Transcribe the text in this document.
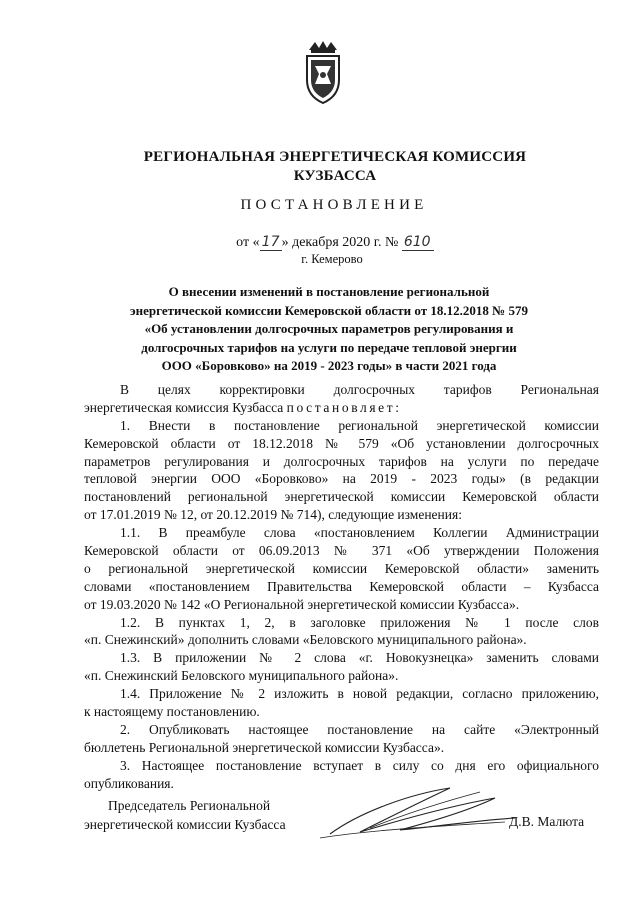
РЕГИОНАЛЬНАЯ ЭНЕРГЕТИЧЕСКАЯ КОМИССИЯ
КУЗБАССА
ПОСТАНОВЛЕНИЕ
от « 17 » декабря 2020 г. № 610
г. Кемерово
О внесении изменений в постановление региональной
энергетической комиссии Кемеровской области от 18.12.2018 № 579
«Об установлении долгосрочных параметров регулирования и
долгосрочных тарифов на услуги по передаче тепловой энергии
ООО «Боровково» на 2019 - 2023 годы» в части 2021 года
В целях корректировки долгосрочных тарифов Региональная
энергетическая комиссия Кузбасса постановляет:
1. Внести в постановление региональной энергетической комиссии
Кемеровской области от 18.12.2018 № 579 «Об установлении долгосрочных
параметров регулирования и долгосрочных тарифов на услуги по передаче
тепловой энергии ООО «Боровково» на 2019 - 2023 годы» (в редакции
постановлений региональной энергетической комиссии Кемеровской области
от 17.01.2019 № 12, от 20.12.2019 № 714), следующие изменения:
1.1. В преамбуле слова «постановлением Коллегии Администрации
Кемеровской области от 06.09.2013 № 371 «Об утверждении Положения
о региональной энергетической комиссии Кемеровской области» заменить
словами «постановлением Правительства Кемеровской области – Кузбасса
от 19.03.2020 № 142 «О Региональной энергетической комиссии Кузбасса».
1.2. В пунктах 1, 2, в заголовке приложения № 1 после слов
«п. Снежинский» дополнить словами «Беловского муниципального района».
1.3. В приложении № 2 слова «г. Новокузнецка» заменить словами
«п. Снежинский Беловского муниципального района».
1.4. Приложение № 2 изложить в новой редакции, согласно приложению,
к настоящему постановлению.
2. Опубликовать настоящее постановление на сайте «Электронный
бюллетень Региональной энергетической комиссии Кузбасса».
3. Настоящее постановление вступает в силу со дня его официального
опубликования.
Председатель Региональной
энергетической комиссии Кузбасса	Д.В. Малюта
